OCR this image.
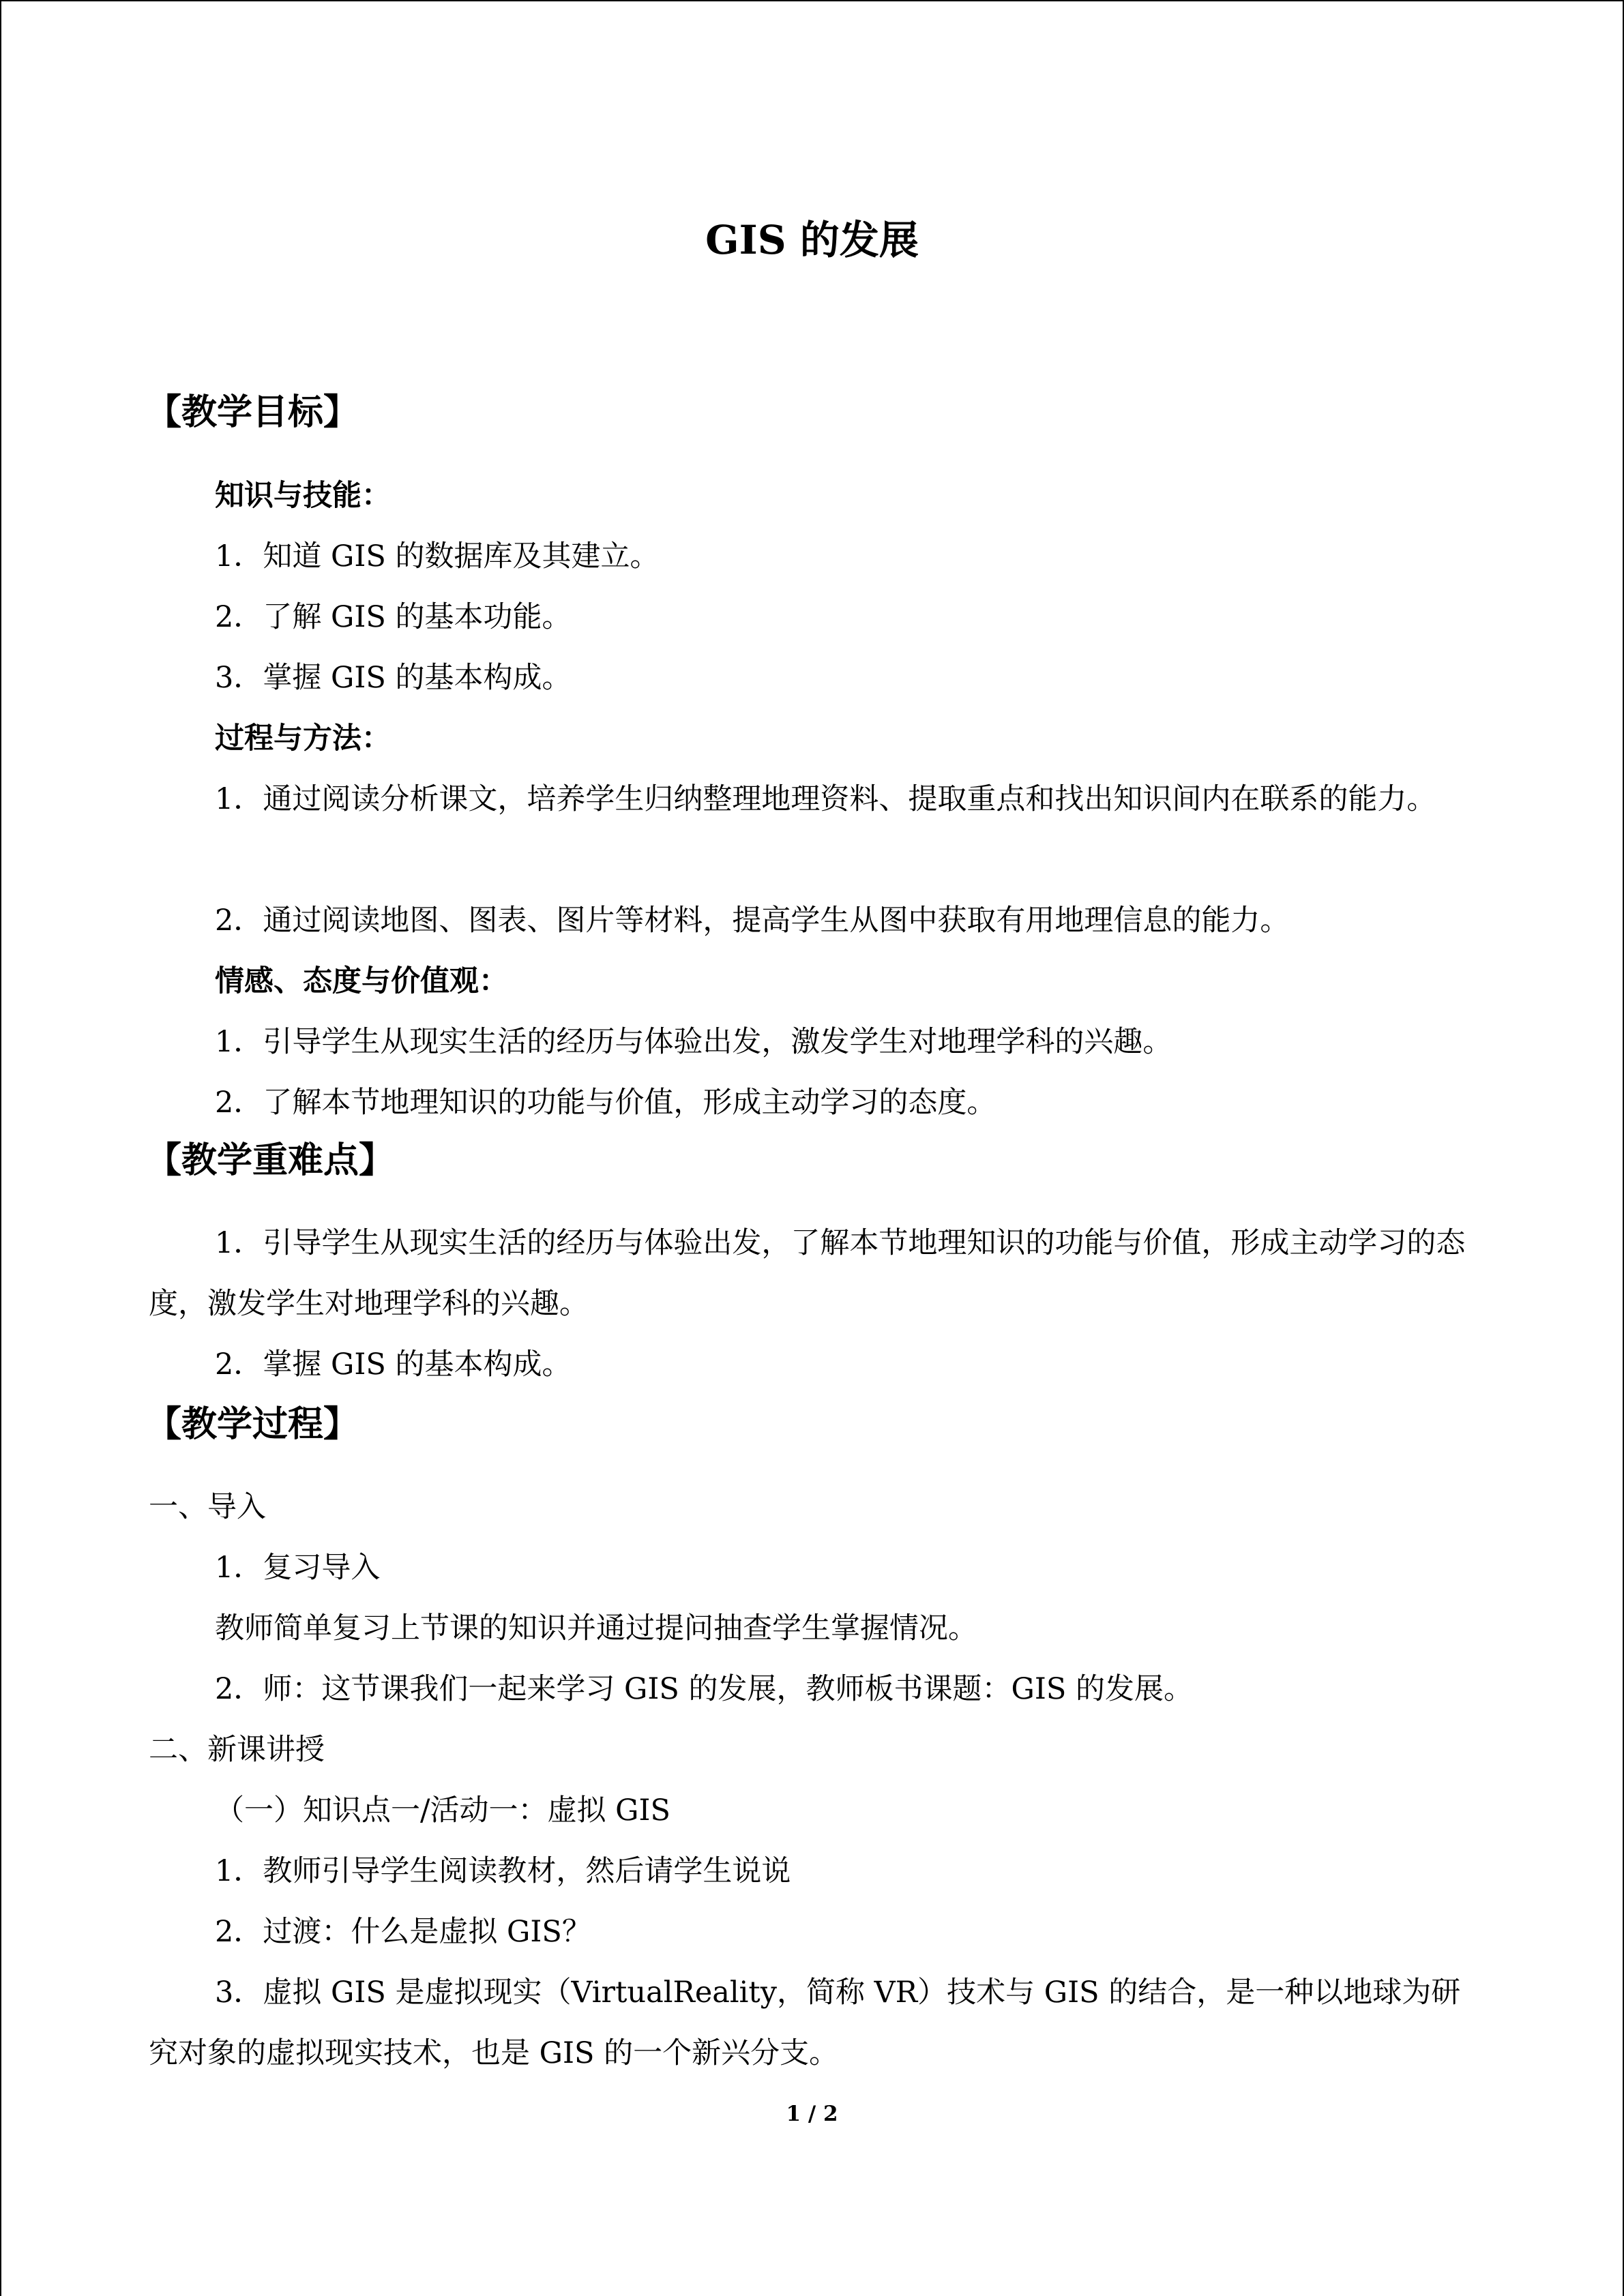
GIS 的发展
【教学目标】

知识与技能：

1．知道 GIS 的数据库及其建立。

2．了解 GIS 的基本功能。

3．掌握 GIS 的基本构成。

过程与方法：

1．通过阅读分析课文，培养学生归纳整理地理资料、提取重点和找出知识间内在联系的能力。

2．通过阅读地图、图表、图片等材料，提高学生从图中获取有用地理信息的能力。

情感、态度与价值观：

1．引导学生从现实生活的经历与体验出发，激发学生对地理学科的兴趣。

2．了解本节地理知识的功能与价值，形成主动学习的态度。

【教学重难点】

1．引导学生从现实生活的经历与体验出发，了解本节地理知识的功能与价值，形成主动学习的态度，激发学生对地理学科的兴趣。

2．掌握 GIS 的基本构成。

【教学过程】

一、导入

1．复习导入

教师简单复习上节课的知识并通过提问抽查学生掌握情况。

2．师：这节课我们一起来学习 GIS 的发展，教师板书课题：GIS 的发展。

二、新课讲授

（一）知识点一/活动一：虚拟 GIS

1．教师引导学生阅读教材，然后请学生说说

2．过渡：什么是虚拟 GIS？

3．虚拟 GIS 是虚拟现实（VirtualReality，简称 VR）技术与 GIS 的结合，是一种以地球为研究对象的虚拟现实技术，也是 GIS 的一个新兴分支。

1 / 2
